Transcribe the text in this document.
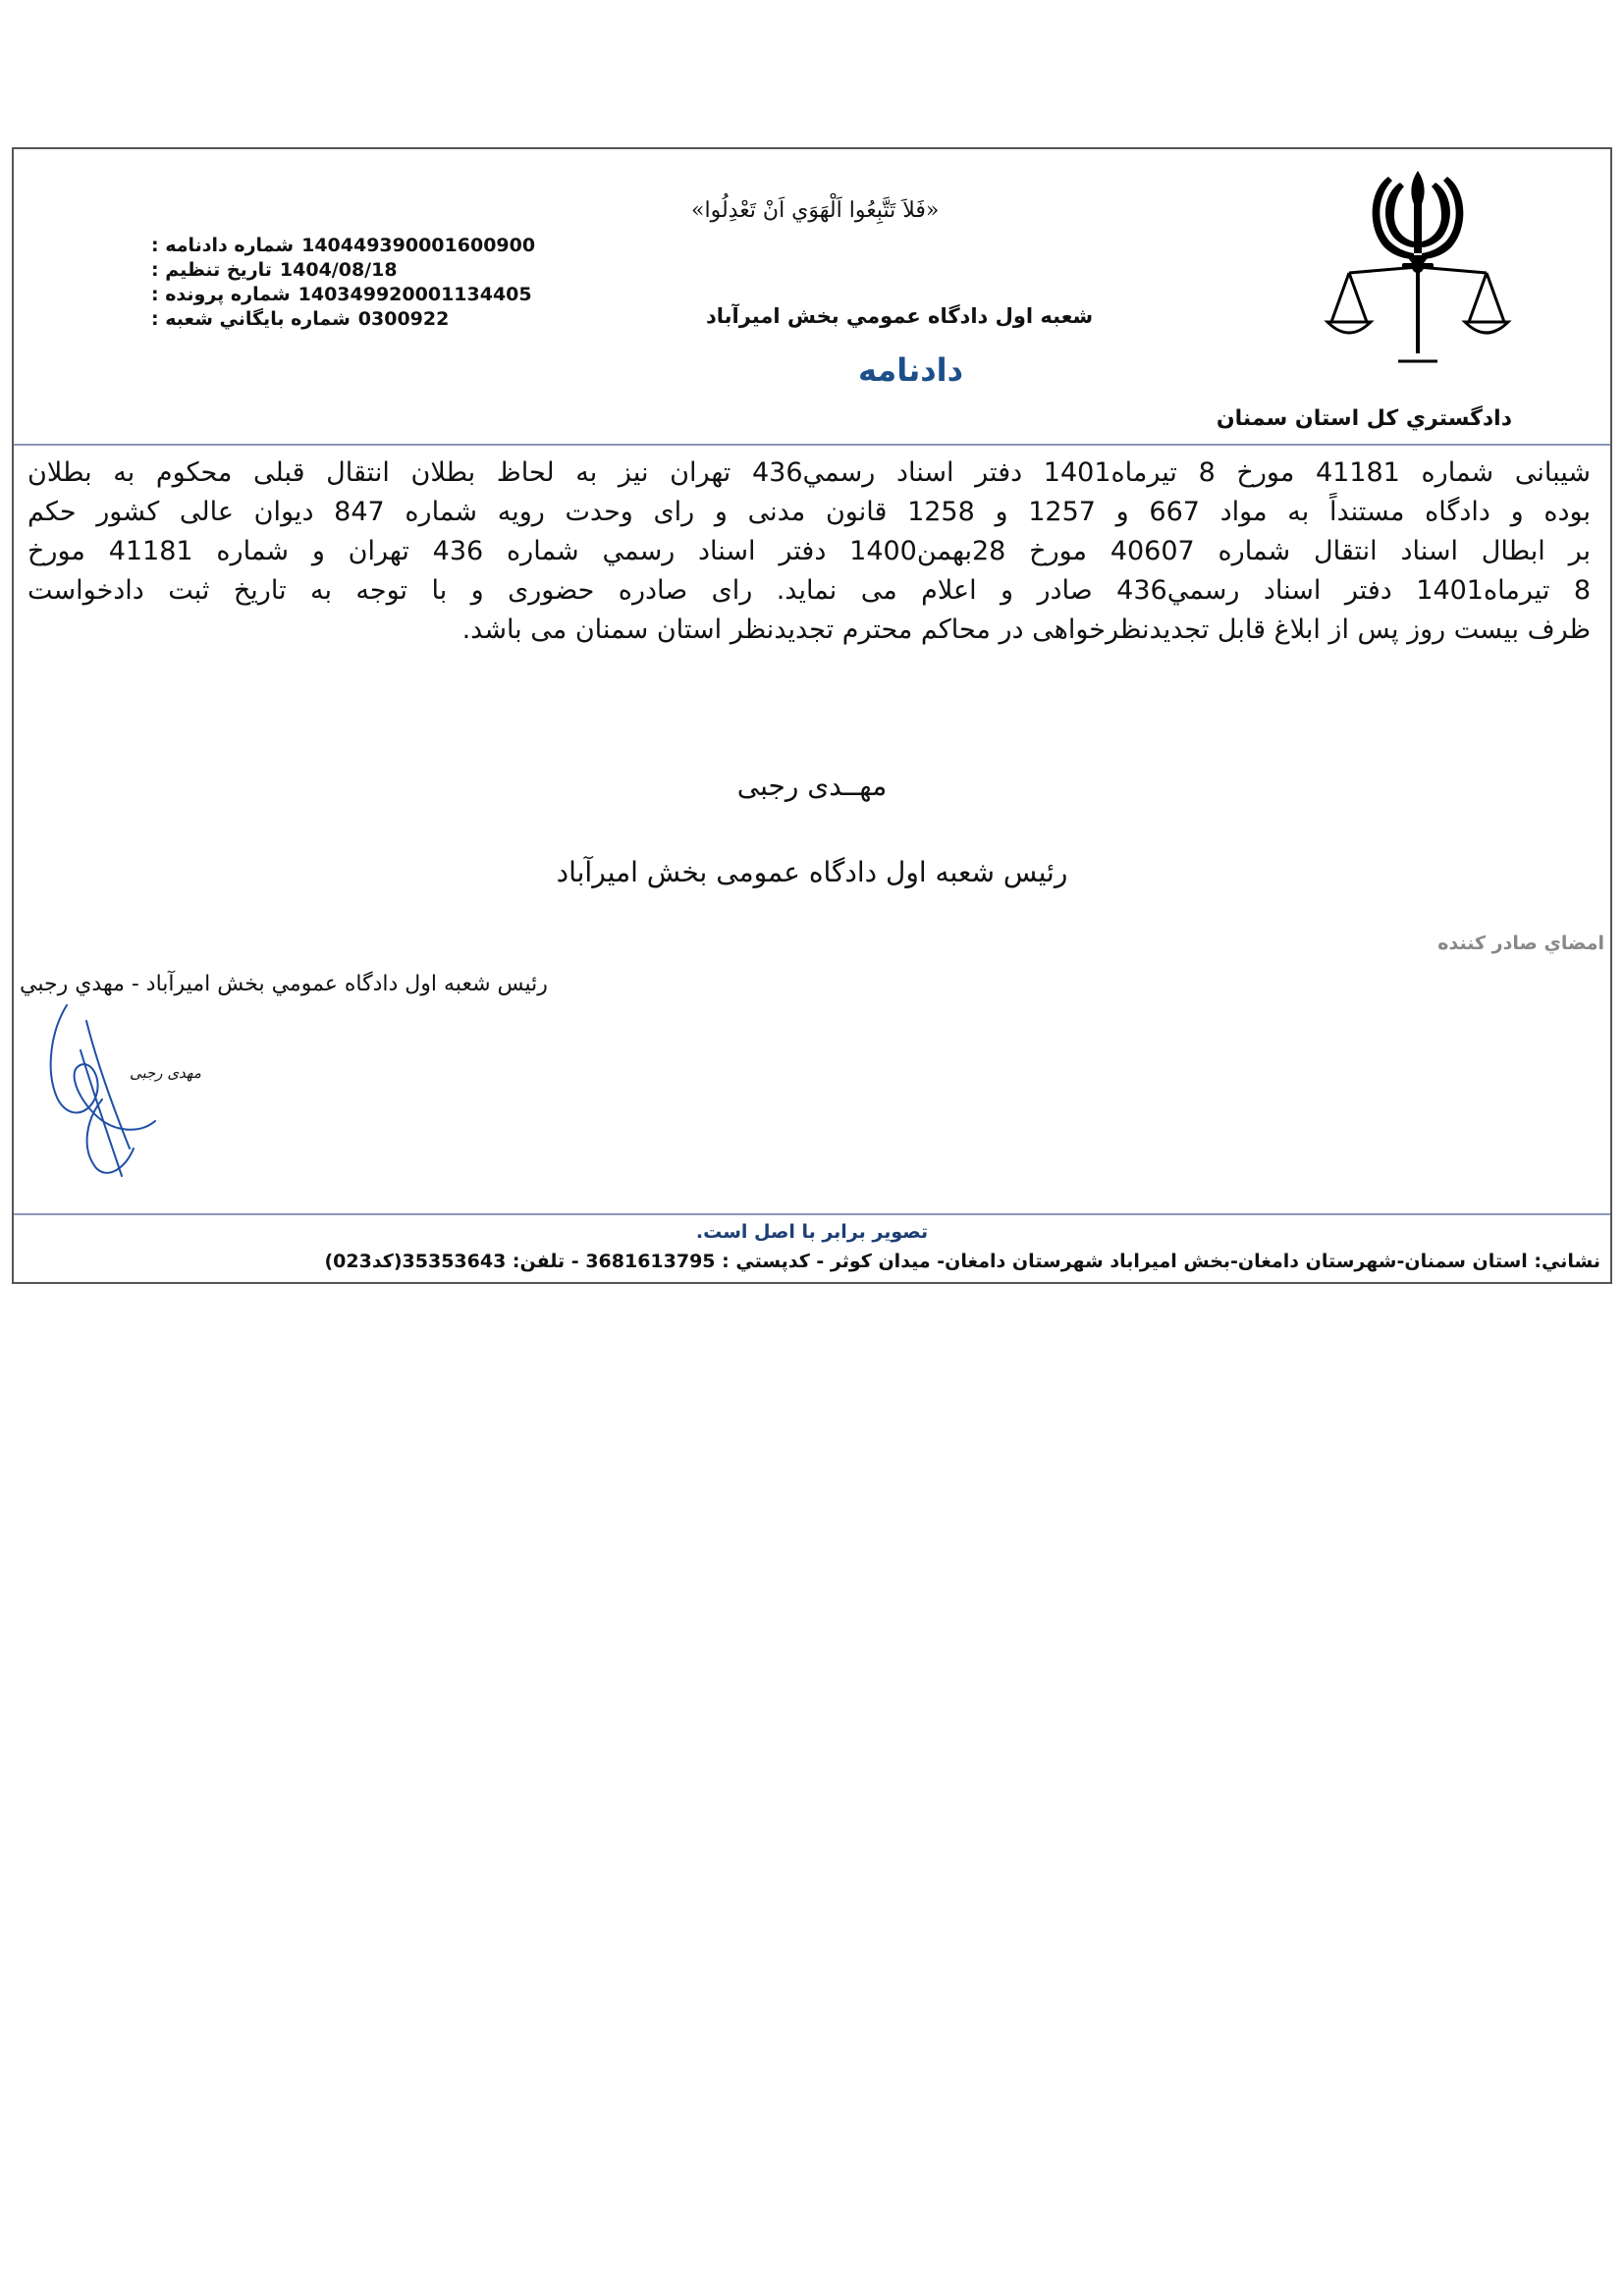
دادگستري كل استان سمنان
«فَلاَ تَتَّبِعُوا اَلْهَوَي اَنْ تَعْدِلُوا»
شعبه اول دادگاه عمومي بخش اميرآباد
دادنامه
شماره دادنامه : 140449390001600900
تاريخ تنظيم : 1404/08/18
شماره پرونده : 140349920001134405
شماره بايگاني شعبه : 0300922
شیبانی شماره 41181 مورخ 8 تیرماه1401 دفتر اسناد رسمي436 تهران نیز به لحاظ بطلان انتقال قبلی محکوم به بطلان
بوده و دادگاه مستنداً به مواد 667 و 1257 و 1258 قانون مدنی و رای وحدت رویه شماره 847 دیوان عالی کشور حکم
بر ابطال اسناد انتقال شماره 40607 مورخ 28بهمن1400 دفتر اسناد رسمي شماره 436 تهران و شماره 41181 مورخ
8 تیرماه1401 دفتر اسناد رسمي436 صادر و اعلام می نماید. رای صادره حضوری و با توجه به تاریخ ثبت دادخواست
ظرف بیست روز پس از ابلاغ قابل تجدیدنظرخواهی در محاکم محترم تجدیدنظر استان سمنان می باشد.
مهــدی رجبی
رئیس شعبه اول دادگاه عمومی بخش امیرآباد
امضاي صادر كننده
رئيس شعبه اول دادگاه عمومي بخش اميرآباد - مهدي رجبي
مهدی رجبی
تصوير برابر با اصل است.
نشاني: استان سمنان-شهرستان دامغان-بخش اميراباد شهرستان دامغان- ميدان كوثر - كدپستي : 3681613795 - تلفن: 35353643(كد023)
